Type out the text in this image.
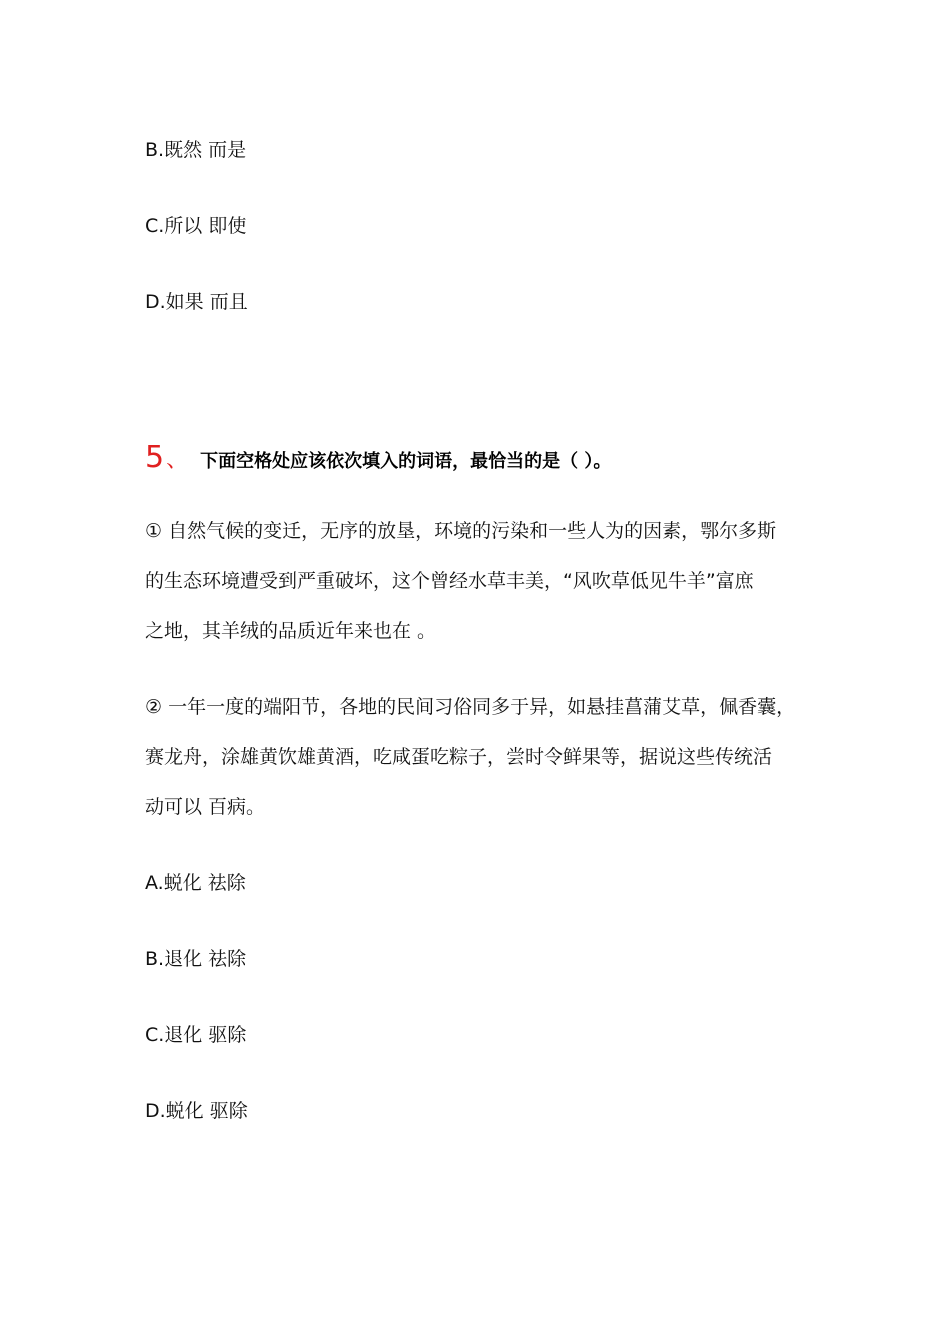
B.既然 而是
C.所以 即使
D.如果 而且
5、 下面空格处应该依次填入的词语，最恰当的是（ ）。
① 自然气候的变迁，无序的放垦，环境的污染和一些人为的因素，鄂尔多斯
的生态环境遭受到严重破坏，这个曾经水草丰美，“风吹草低见牛羊”富庶
之地，其羊绒的品质近年来也在 。
② 一年一度的端阳节，各地的民间习俗同多于异，如悬挂菖蒲艾草，佩香囊，
赛龙舟，涂雄黄饮雄黄酒，吃咸蛋吃粽子，尝时令鲜果等，据说这些传统活
动可以 百病。
A.蜕化 祛除
B.退化 祛除
C.退化 驱除
D.蜕化 驱除
